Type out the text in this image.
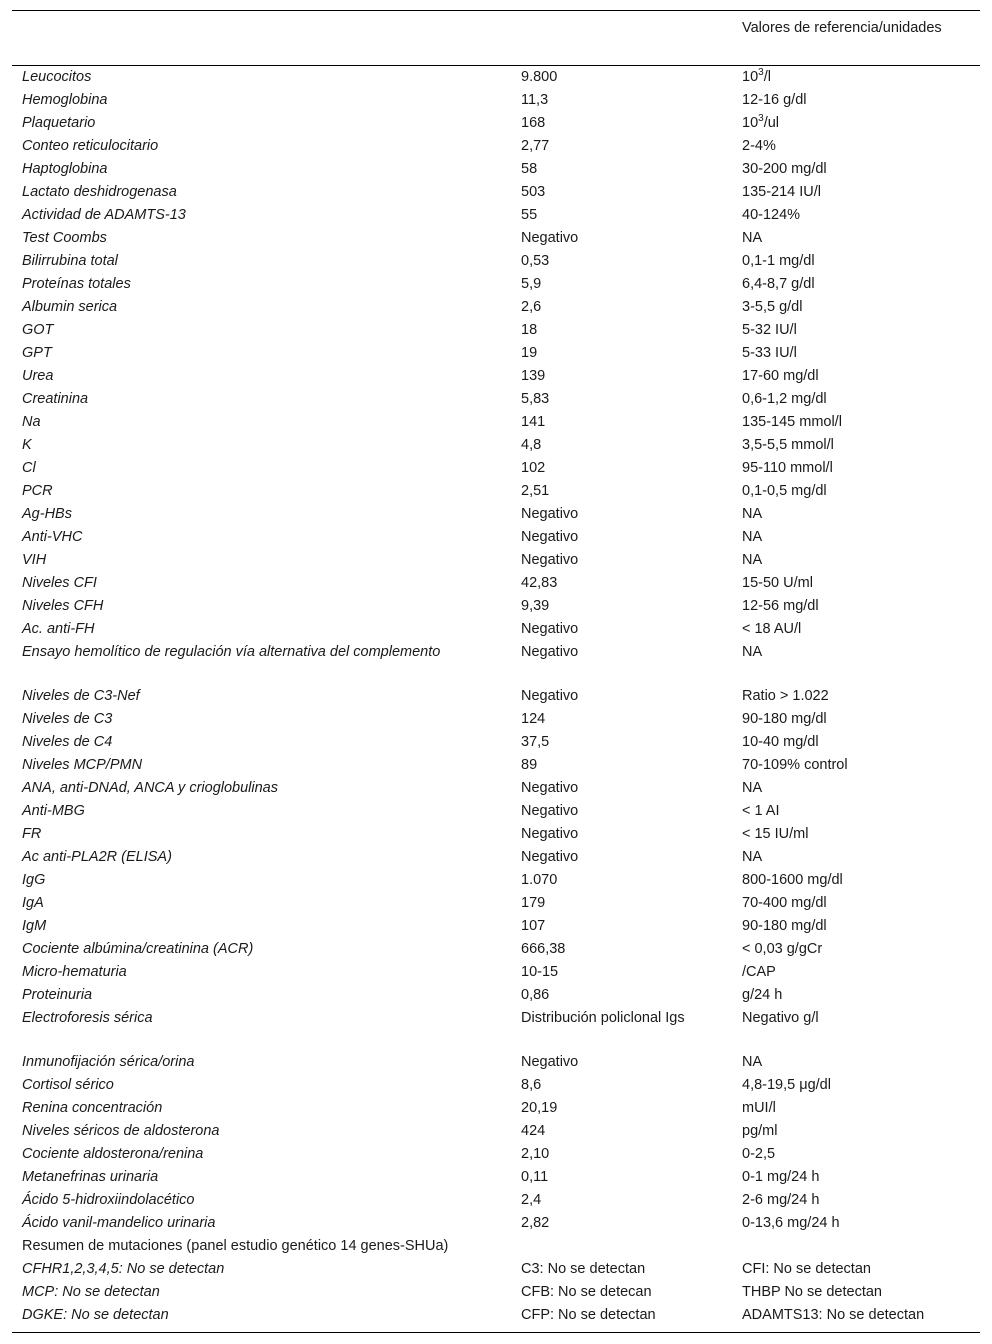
Valores de referencia/unidades
Leucocitos	9.800	$10^3/l$
Hemoglobina	11,3	12-16 g/dl
Plaquetario	168	$10^3/ul$
Conteo reticulocitario	2,77	2-4%
Haptoglobina	58	30-200 mg/dl
Lactato deshidrogenasa	503	135-214 IU/l
Actividad de ADAMTS-13	55	40-124%
Test Coombs	Negativo	NA
Bilirrubina total	0,53	0,1-1 mg/dl
Proteínas totales	5,9	6,4-8,7 g/dl
Albumin serica	2,6	3-5,5 g/dl
GOT	18	5-32 IU/l
GPT	19	5-33 IU/l
Urea	139	17-60 mg/dl
Creatinina	5,83	0,6-1,2 mg/dl
Na	141	135-145 mmol/l
K	4,8	3,5-5,5 mmol/l
Cl	102	95-110 mmol/l
PCR	2,51	0,1-0,5 mg/dl
Ag-HBs	Negativo	NA
Anti-VHC	Negativo	NA
VIH	Negativo	NA
Niveles CFI	42,83	15-50 U/ml
Niveles CFH	9,39	12-56 mg/dl
Ac. anti-FH	Negativo	< 18 AU/l
Ensayo hemolítico de regulación vía alternativa del complemento	Negativo	NA
Niveles de C3-Nef	Negativo	Ratio > 1.022
Niveles de C3	124	90-180 mg/dl
Niveles de C4	37,5	10-40 mg/dl
Niveles MCP/PMN	89	70-109% control
ANA, anti-DNAd, ANCA y crioglobulinas	Negativo	NA
Anti-MBG	Negativo	< 1 AI
FR	Negativo	< 15 IU/ml
Ac anti-PLA2R (ELISA)	Negativo	NA
IgG	1.070	800-1600 mg/dl
IgA	179	70-400 mg/dl
IgM	107	90-180 mg/dl
Cociente albúmina/creatinina (ACR)	666,38	< 0,03 g/gCr
Micro-hematuria	10-15	/CAP
Proteinuria	0,86	g/24 h
Electroforesis sérica	Distribución policlonal Igs	Negativo g/l
Inmunofijación sérica/orina	Negativo	NA
Cortisol sérico	8,6	4,8-19,5 μg/dl
Renina concentración	20,19	mUI/l
Niveles séricos de aldosterona	424	pg/ml
Cociente aldosterona/renina	2,10	0-2,5
Metanefrinas urinaria	0,11	0-1 mg/24 h
Ácido 5-hidroxiindolacético	2,4	2-6 mg/24 h
Ácido vanil-mandelico urinaria	2,82	0-13,6 mg/24 h
Resumen de mutaciones (panel estudio genético 14 genes-SHUa)
CFHR1,2,3,4,5: No se detectan	C3: No se detectan	CFI: No se detectan
MCP: No se detectan	CFB: No se detecan	THBP No se detectan
DGKE: No se detectan	CFP: No se detectan	ADAMTS13: No se detectan
